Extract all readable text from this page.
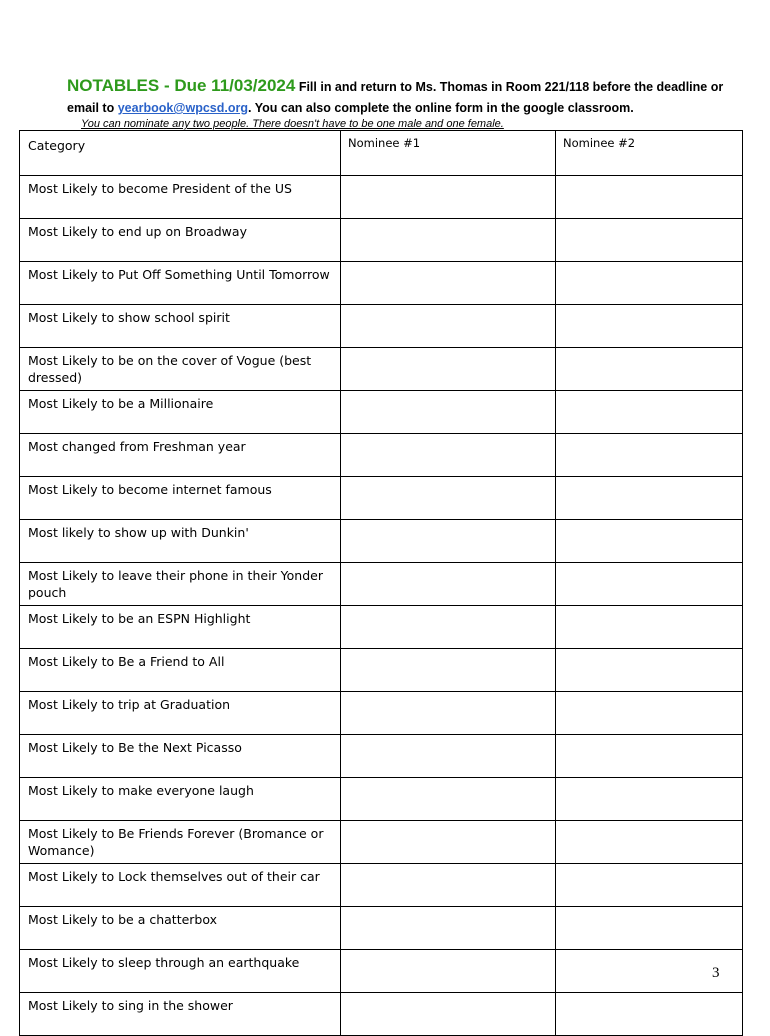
NOTABLES - Due 11/03/2024 Fill in and return to Ms. Thomas in Room 221/118 before the deadline or
email to yearbook@wpcsd.org. You can also complete the online form in the google classroom.
You can nominate any two people. There doesn't have to be one male and one female.
Category	Nominee #1	Nominee #2
Most Likely to become President of the US		
Most Likely to end up on Broadway		
Most Likely to Put Off Something Until Tomorrow		
Most Likely to show school spirit		
Most Likely to be on the cover of Vogue (best dressed)		
Most Likely to be a Millionaire		
Most changed from Freshman year		
Most Likely to become internet famous		
Most likely to show up with Dunkin'		
Most Likely to leave their phone in their Yonder pouch		
Most Likely to be an ESPN Highlight		
Most Likely to Be a Friend to All		
Most Likely to trip at Graduation		
Most Likely to Be the Next Picasso		
Most Likely to make everyone laugh		
Most Likely to Be Friends Forever (Bromance or Womance)		
Most Likely to Lock themselves out of their car		
Most Likely to be a chatterbox		
Most Likely to sleep through an earthquake		
Most Likely to sing in the shower		
3
